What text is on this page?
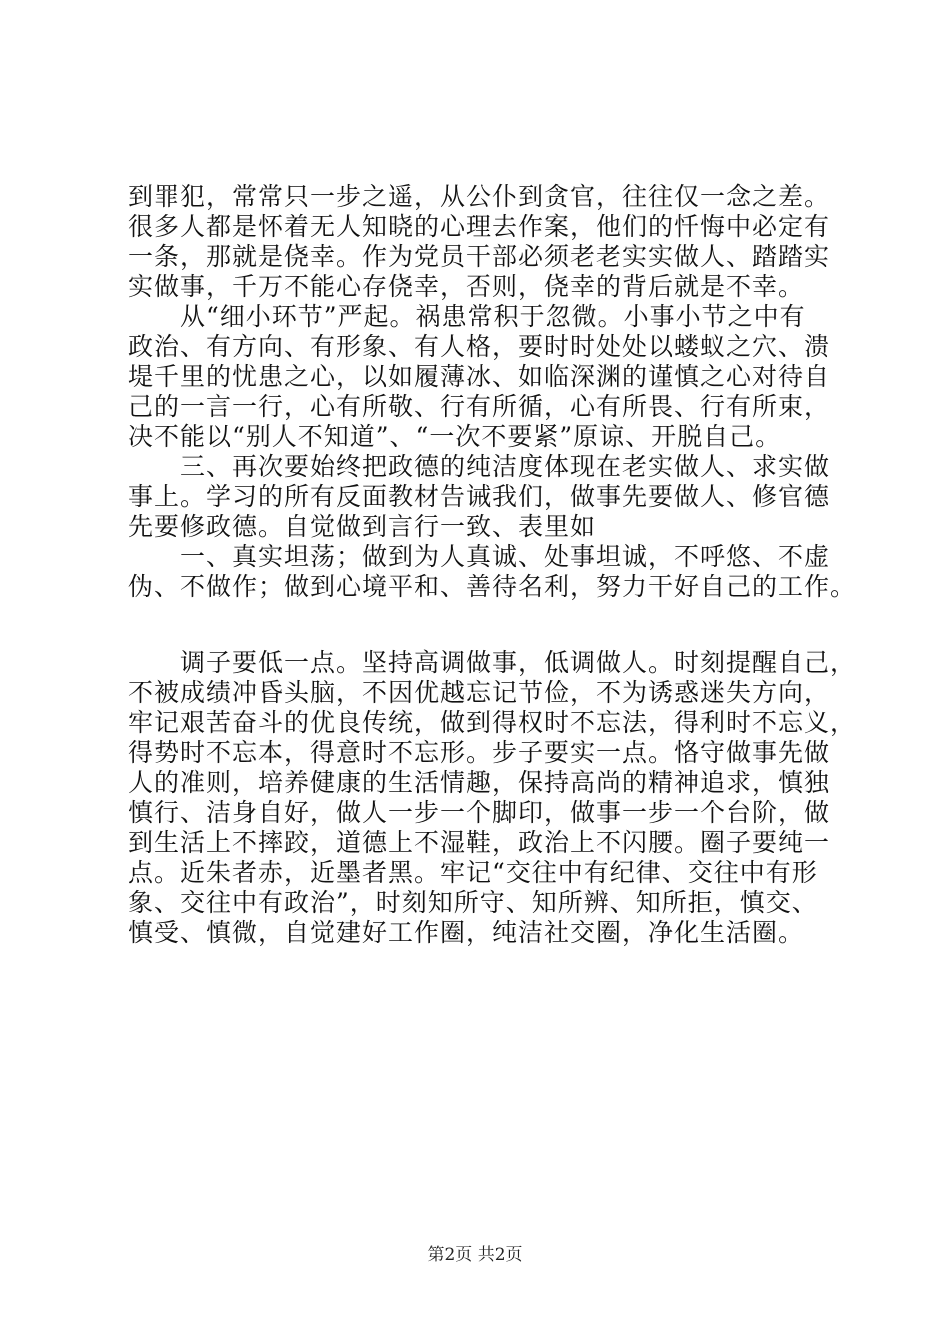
到罪犯，常常只一步之遥，从公仆到贪官，往往仅一念之差。
很多人都是怀着无人知晓的心理去作案，他们的忏悔中必定有
一条，那就是侥幸。作为党员干部必须老老实实做人、踏踏实
实做事，千万不能心存侥幸，否则，侥幸的背后就是不幸。
　　从“细小环节”严起。祸患常积于忽微。小事小节之中有
政治、有方向、有形象、有人格，要时时处处以蝼蚁之穴、溃
堤千里的忧患之心，以如履薄冰、如临深渊的谨慎之心对待自
己的一言一行，心有所敬、行有所循，心有所畏、行有所束，
决不能以“别人不知道”、“一次不要紧”原谅、开脱自己。
　　三、再次要始终把政德的纯洁度体现在老实做人、求实做
事上。学习的所有反面教材告诫我们，做事先要做人、修官德
先要修政德。自觉做到言行一致、表里如
　　一、真实坦荡；做到为人真诚、处事坦诚，不呼悠、不虚
伪、不做作；做到心境平和、善待名利，努力干好自己的工作。
　　调子要低一点。坚持高调做事，低调做人。时刻提醒自己，
不被成绩冲昏头脑，不因优越忘记节俭，不为诱惑迷失方向，
牢记艰苦奋斗的优良传统，做到得权时不忘法，得利时不忘义，
得势时不忘本，得意时不忘形。步子要实一点。恪守做事先做
人的准则，培养健康的生活情趣，保持高尚的精神追求，慎独
慎行、洁身自好，做人一步一个脚印，做事一步一个台阶，做
到生活上不摔跤，道德上不湿鞋，政治上不闪腰。圈子要纯一
点。近朱者赤，近墨者黑。牢记“交往中有纪律、交往中有形
象、交往中有政治”，时刻知所守、知所辨、知所拒，慎交、
慎受、慎微，自觉建好工作圈，纯洁社交圈，净化生活圈。
第2页 共2页
